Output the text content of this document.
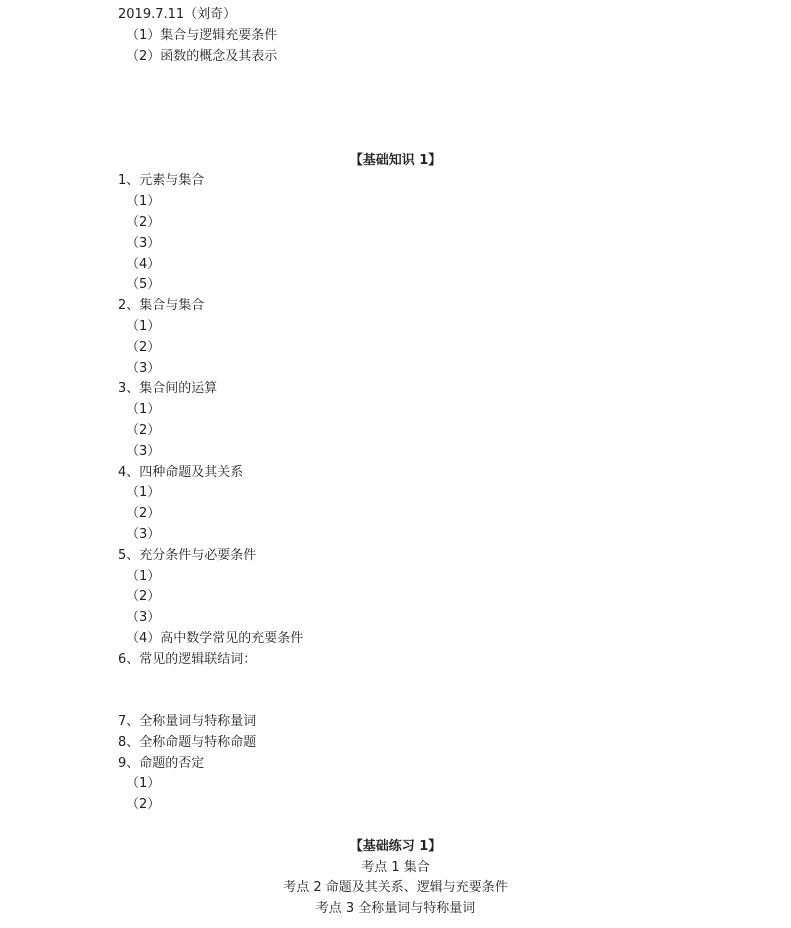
2019.7.11（刘奇）
（1）集合与逻辑充要条件
（2）函数的概念及其表示
【基础知识 1】
1、元素与集合
（1）
（2）
（3）
（4）
（5）
2、集合与集合
（1）
（2）
（3）
3、集合间的运算
（1）
（2）
（3）
4、四种命题及其关系
（1）
（2）
（3）
5、充分条件与必要条件
（1）
（2）
（3）
（4）高中数学常见的充要条件
6、常见的逻辑联结词：
7、全称量词与特称量词
8、全称命题与特称命题
9、命题的否定
（1）
（2）
【基础练习 1】
考点 1 集合
考点 2 命题及其关系、逻辑与充要条件
考点 3 全称量词与特称量词
